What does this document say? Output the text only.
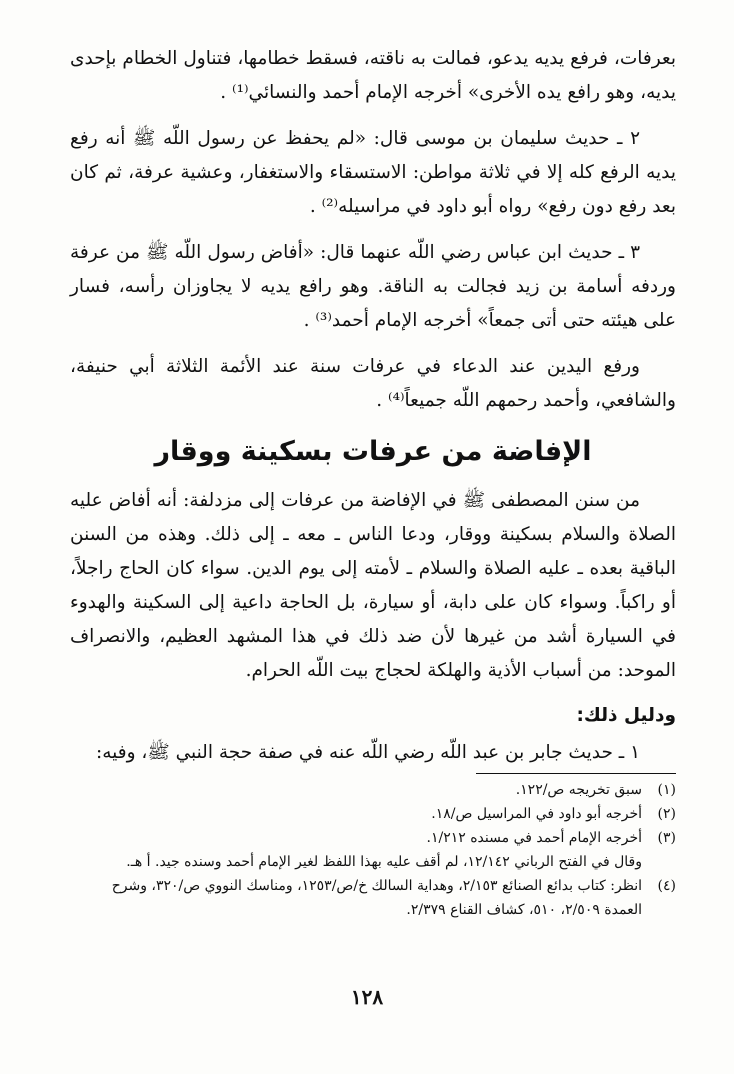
بعرفات، فرفع يديه يدعو، فمالت به ناقته، فسقط خطامها، فتناول الخطام بإحدى يديه، وهو رافع يده الأخرى» أخرجه الإمام أحمد والنسائي⁽¹⁾ .

٢ ـ حديث سليمان بن موسى قال: «لم يحفظ عن رسول اللّه ﷺ أنه رفع يديه الرفع كله إلا في ثلاثة مواطن: الاستسقاء والاستغفار، وعشية عرفة، ثم كان بعد رفع دون رفع» رواه أبو داود في مراسيله⁽²⁾ .

٣ ـ حديث ابن عباس رضي اللّه عنهما قال: «أفاض رسول اللّه ﷺ من عرفة وردفه أسامة بن زيد فجالت به الناقة. وهو رافع يديه لا يجاوزان رأسه، فسار على هيئته حتى أتى جمعاً» أخرجه الإمام أحمد⁽³⁾ .

ورفع اليدين عند الدعاء في عرفات سنة عند الأئمة الثلاثة أبي حنيفة، والشافعي، وأحمد رحمهم اللّه جميعاً⁽⁴⁾ .

الإفاضة من عرفات بسكينة ووقار

من سنن المصطفى ﷺ في الإفاضة من عرفات إلى مزدلفة: أنه أفاض عليه الصلاة والسلام بسكينة ووقار، ودعا الناس ـ معه ـ إلى ذلك. وهذه من السنن الباقية بعده ـ عليه الصلاة والسلام ـ لأمته إلى يوم الدين. سواء كان الحاج راجلاً، أو راكباً. وسواء كان على دابة، أو سيارة، بل الحاجة داعية إلى السكينة والهدوء في السيارة أشد من غيرها لأن ضد ذلك في هذا المشهد العظيم، والانصراف الموحد: من أسباب الأذية والهلكة لحجاج بيت اللّه الحرام.

ودليل ذلك:

١ ـ حديث جابر بن عبد اللّه رضي اللّه عنه في صفة حجة النبي ﷺ، وفيه:

(١)
سبق تخريجه ص/١٢٢.
(٢)
أخرجه أبو داود في المراسيل ص/١٨.
(٣)
أخرجه الإمام أحمد في مسنده ١/٢١٢.
وقال في الفتح الرباني ١٢/١٤٢، لم أقف عليه بهذا اللفظ لغير الإمام أحمد وسنده جيد. أ هـ.
(٤)
انظر: كتاب بدائع الصنائع ٢/١٥٣، وهداية السالك خ/ص/١٢٥٣، ومناسك النووي ص/٣٢٠، وشرح العمدة ٢/٥٠٩، ٥١٠، كشاف القناع ٢/٣٧٩.
١٢٨
